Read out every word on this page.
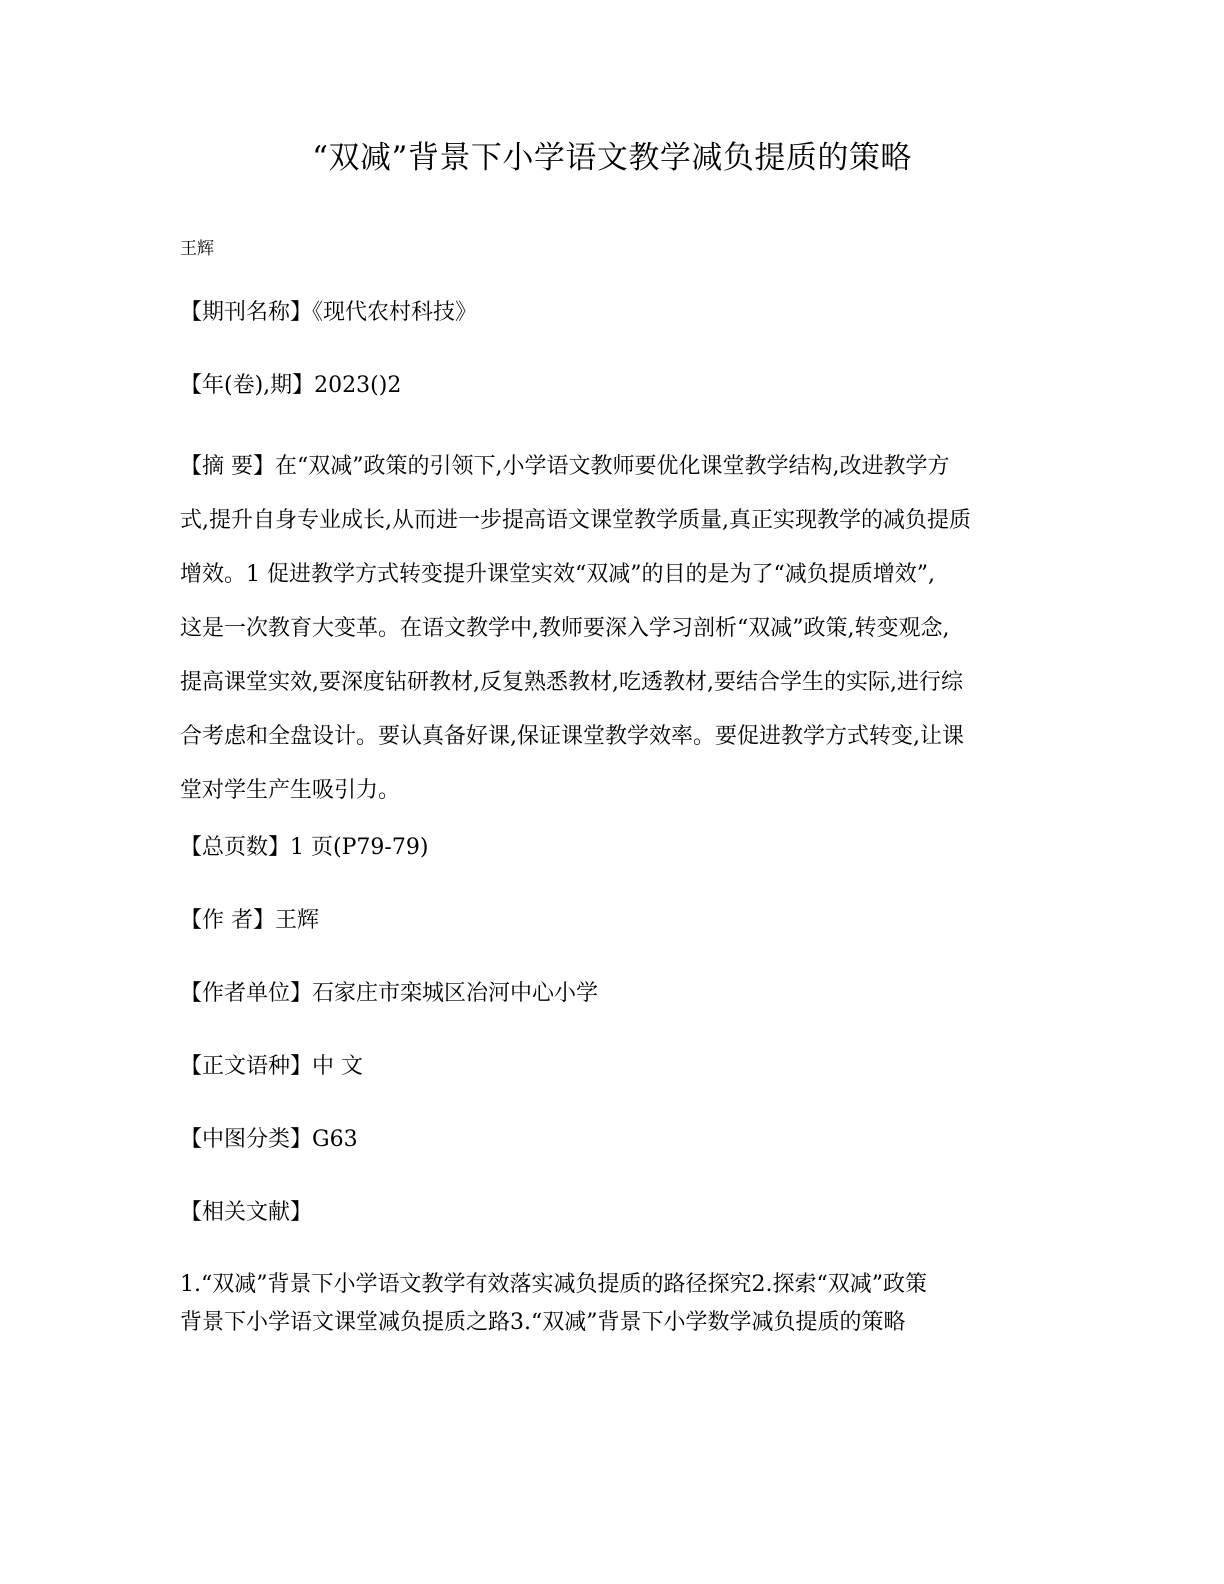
“双减”背景下小学语文教学减负提质的策略
王辉
【期刊名称】《现代农村科技》
【年(卷),期】2023()2
【摘 要】在“双减”政策的引领下,小学语文教师要优化课堂教学结构,改进教学方
式,提升自身专业成长,从而进一步提高语文课堂教学质量,真正实现教学的减负提质
增效。1 促进教学方式转变提升课堂实效“双减”的目的是为了“减负提质增效”,
这是一次教育大变革。在语文教学中,教师要深入学习剖析“双减”政策,转变观念,
提高课堂实效,要深度钻研教材,反复熟悉教材,吃透教材,要结合学生的实际,进行综
合考虑和全盘设计。要认真备好课,保证课堂教学效率。要促进教学方式转变,让课
堂对学生产生吸引力。
【总页数】1 页(P79-79)
【作 者】王辉
【作者单位】石家庄市栾城区冶河中心小学
【正文语种】中 文
【中图分类】G63
【相关文献】
1.“双减”背景下小学语文教学有效落实减负提质的路径探究2.探索“双减”政策
背景下小学语文课堂减负提质之路3.“双减”背景下小学数学减负提质的策略
